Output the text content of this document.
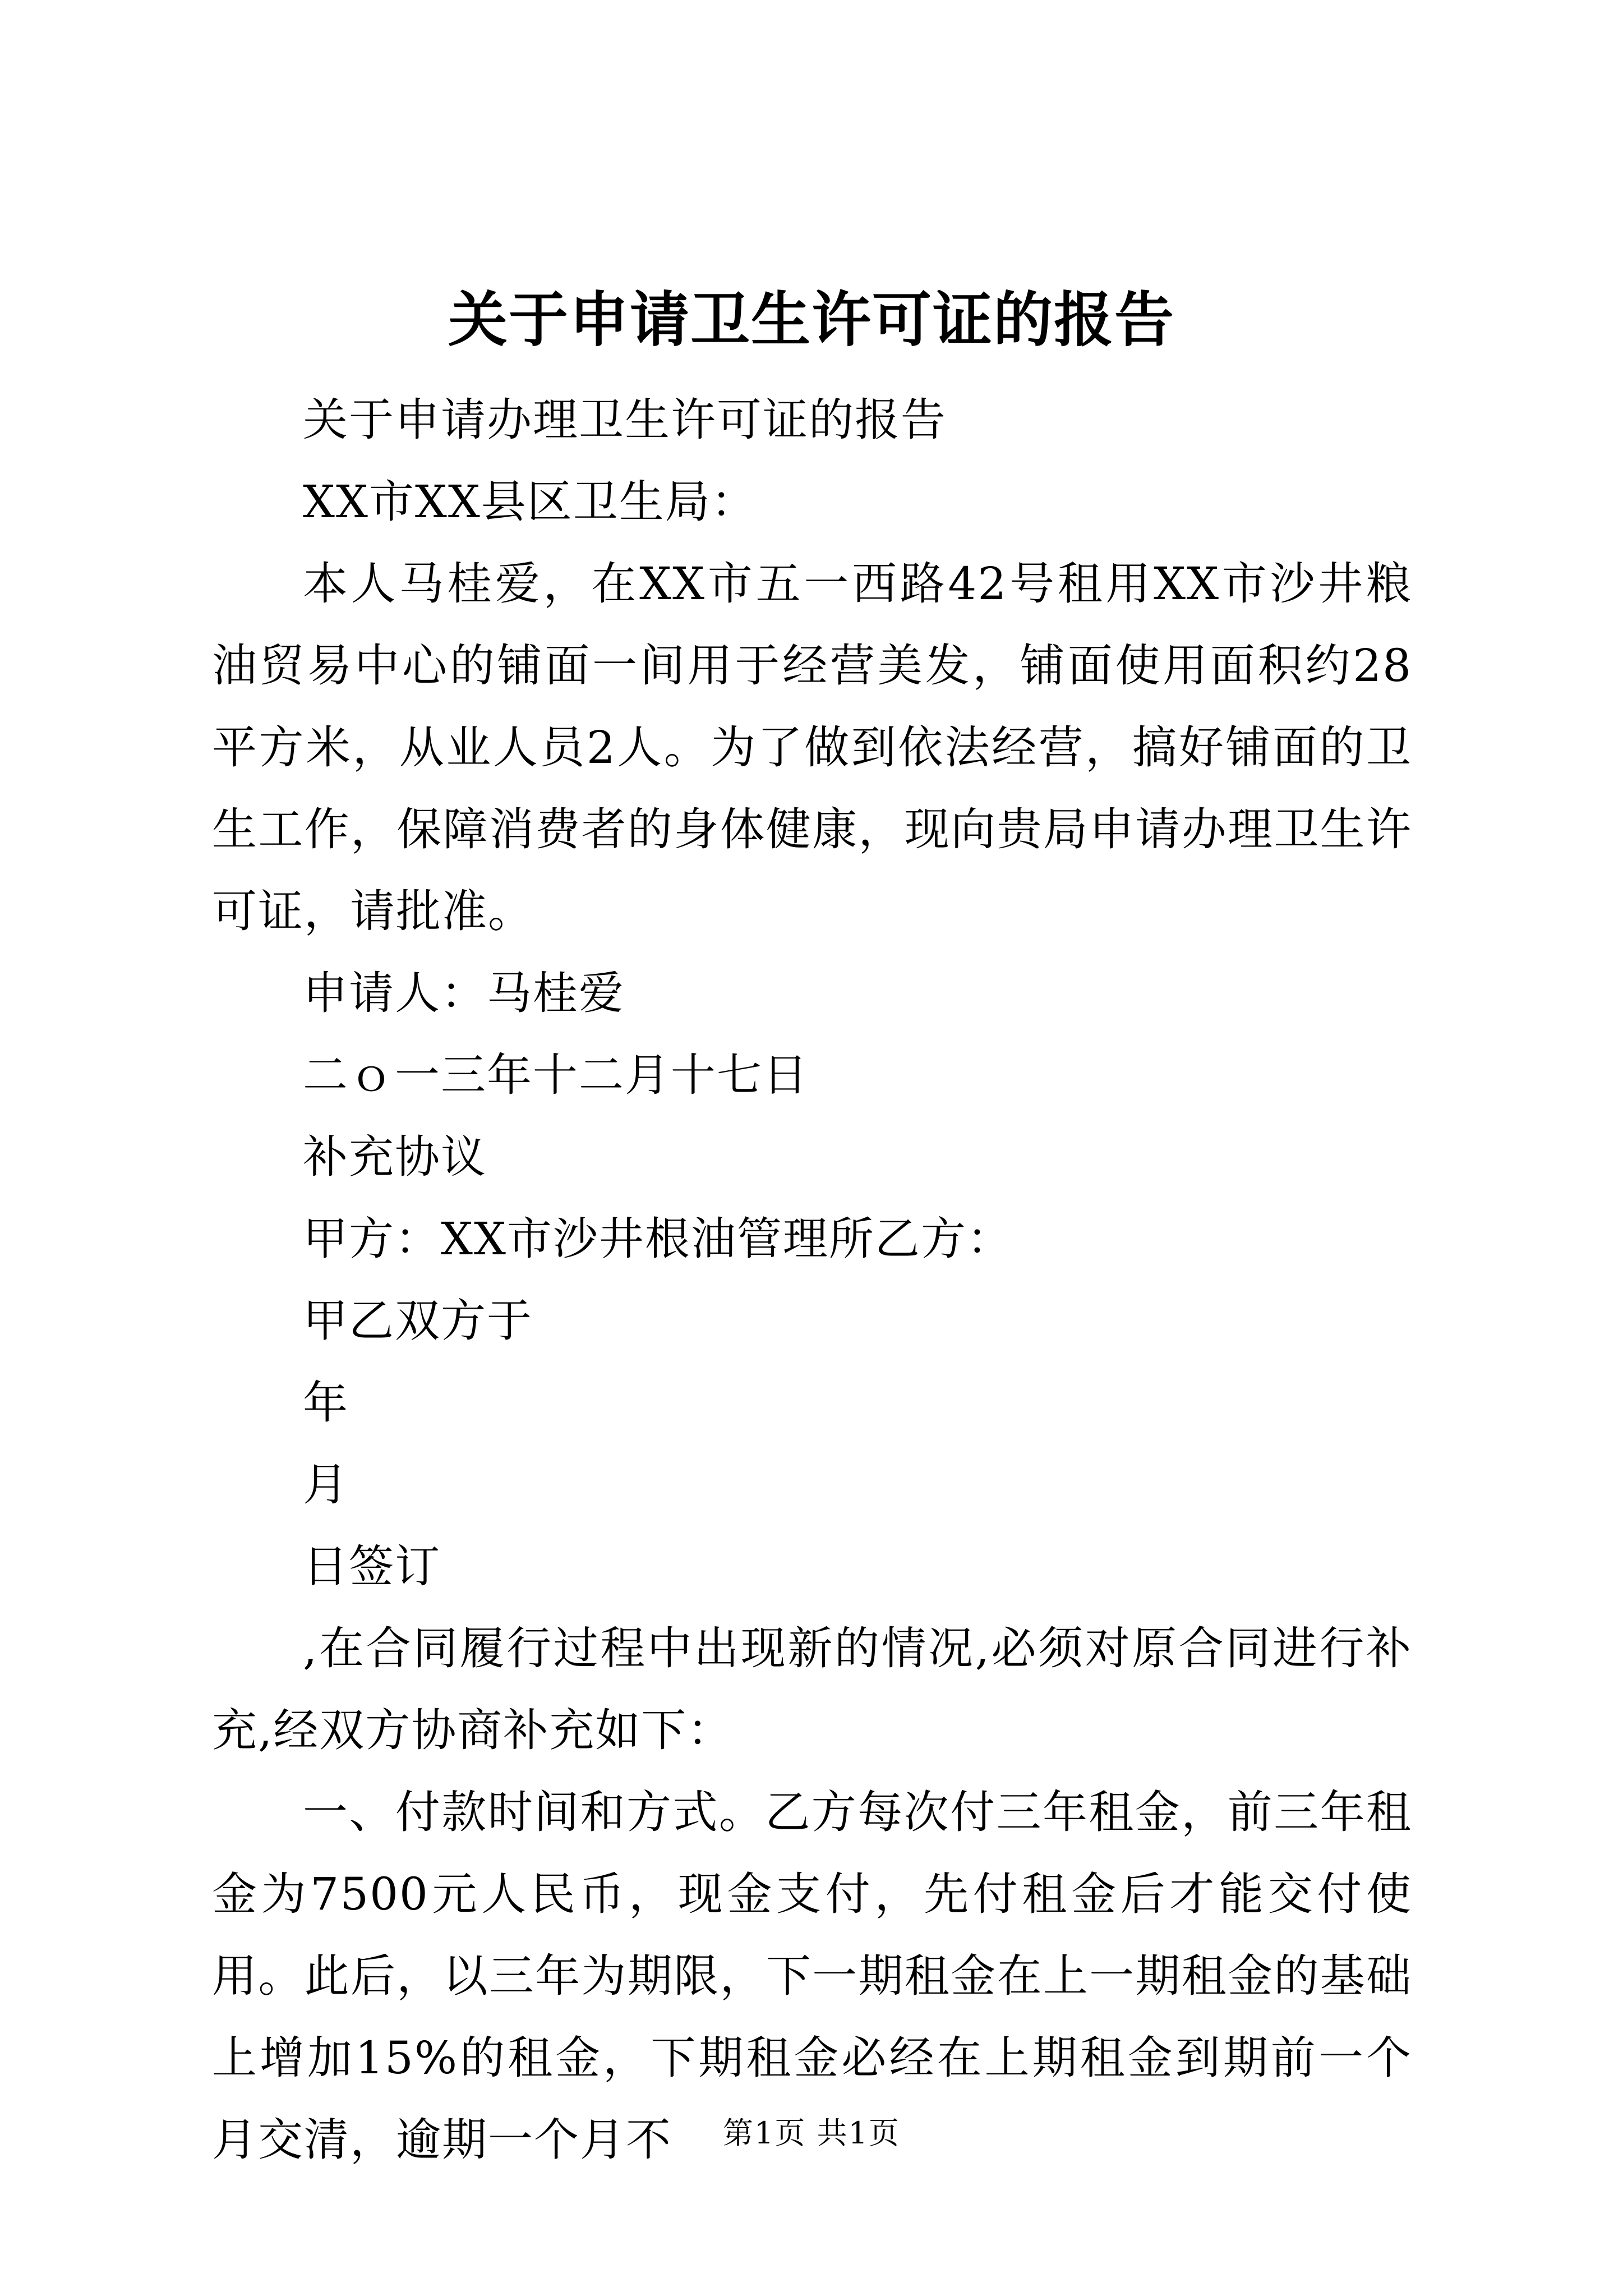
关于申请卫生许可证的报告

关于申请办理卫生许可证的报告

XX市XX县区卫生局：

本人马桂爱，在XX市五一西路42号租用XX市沙井粮油贸易中心的铺面一间用于经营美发，铺面使用面积约28平方米，从业人员2人。为了做到依法经营，搞好铺面的卫生工作，保障消费者的身体健康，现向贵局申请办理卫生许可证，请批准。

申请人：马桂爱

二ｏ一三年十二月十七日

补充协议

甲方：XX市沙井根油管理所乙方：

甲乙双方于

年

月

日签订

,在合同履行过程中出现新的情况,必须对原合同进行补充,经双方协商补充如下：

一、付款时间和方式。乙方每次付三年租金，前三年租金为7500元人民币，现金支付，先付租金后才能交付使用。此后，以三年为期限，下一期租金在上一期租金的基础上增加15%的租金，下期租金必经在上期租金到期前一个月交清，逾期一个月不	第1页 共1页
